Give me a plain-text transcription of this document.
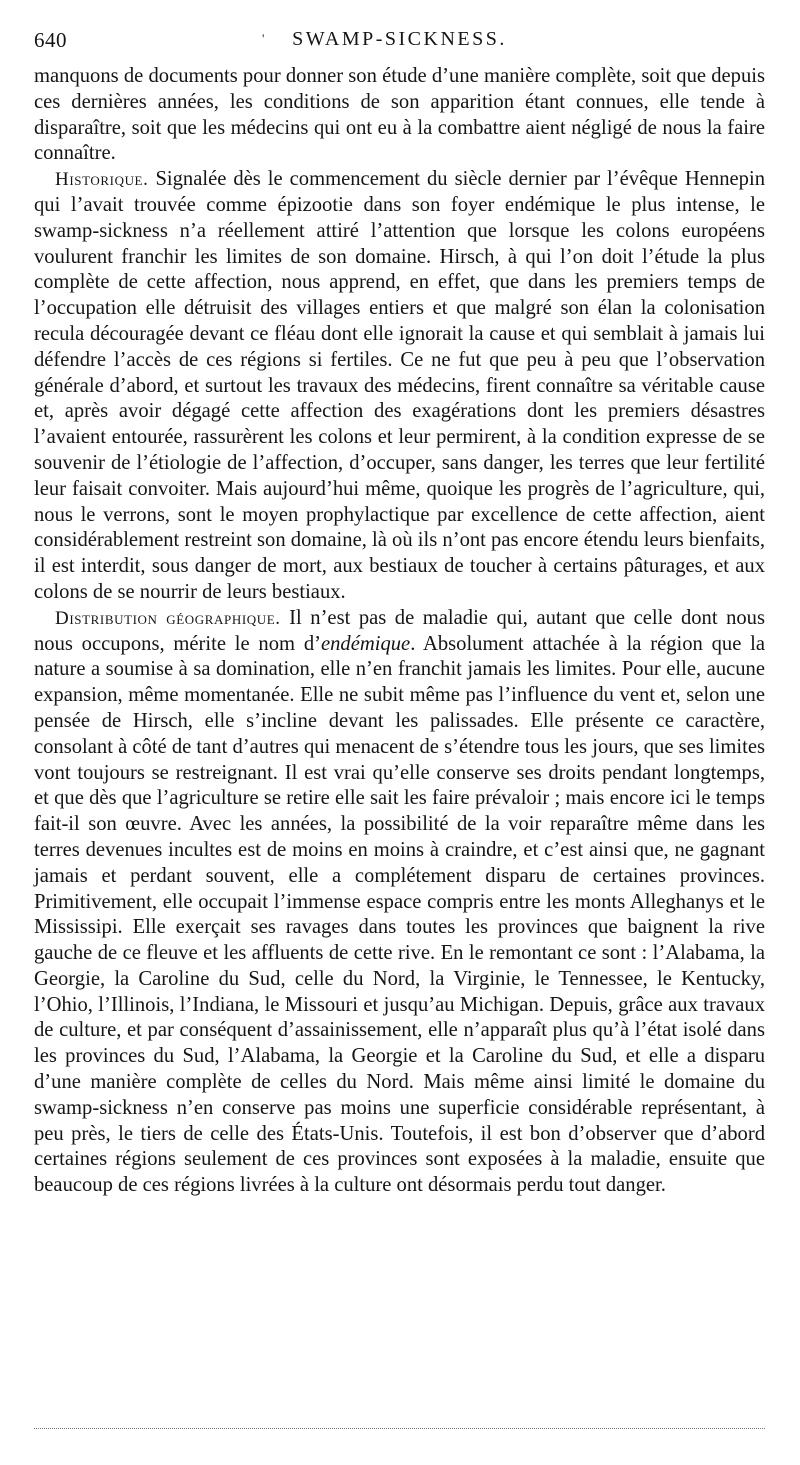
640	'	SWAMP-SICKNESS.

manquons de documents pour donner son étude d’une manière complète, soit que depuis ces dernières années, les conditions de son apparition étant connues, elle tende à disparaître, soit que les médecins qui ont eu à la combattre aient négligé de nous la faire connaître.

Historique. Signalée dès le commencement du siècle dernier par l’évêque Hennepin qui l’avait trouvée comme épizootie dans son foyer endémique le plus intense, le swamp-sickness n’a réellement attiré l’attention que lorsque les colons européens voulurent franchir les limites de son domaine. Hirsch, à qui l’on doit l’étude la plus complète de cette affection, nous apprend, en effet, que dans les premiers temps de l’occupation elle détruisit des villages entiers et que malgré son élan la colonisation recula découragée devant ce fléau dont elle ignorait la cause et qui semblait à jamais lui défendre l’accès de ces régions si fertiles. Ce ne fut que peu à peu que l’observation générale d’abord, et surtout les travaux des médecins, firent connaître sa véritable cause et, après avoir dégagé cette affection des exagérations dont les premiers désastres l’avaient entourée, rassurèrent les colons et leur permirent, à la condition expresse de se souvenir de l’étiologie de l’affection, d’occuper, sans danger, les terres que leur fertilité leur faisait convoiter. Mais aujourd’hui même, quoique les progrès de l’agriculture, qui, nous le verrons, sont le moyen prophylactique par excellence de cette affection, aient considérablement restreint son domaine, là où ils n’ont pas encore étendu leurs bienfaits, il est interdit, sous danger de mort, aux bestiaux de toucher à certains pâturages, et aux colons de se nourrir de leurs bestiaux.

Distribution géographique. Il n’est pas de maladie qui, autant que celle dont nous nous occupons, mérite le nom d’endémique. Absolument attachée à la région que la nature a soumise à sa domination, elle n’en franchit jamais les limites. Pour elle, aucune expansion, même momentanée. Elle ne subit même pas l’influence du vent et, selon une pensée de Hirsch, elle s’incline devant les palissades. Elle présente ce caractère, consolant à côté de tant d’autres qui menacent de s’étendre tous les jours, que ses limites vont toujours se restreignant. Il est vrai qu’elle conserve ses droits pendant longtemps, et que dès que l’agriculture se retire elle sait les faire prévaloir ; mais encore ici le temps fait-il son œuvre. Avec les années, la possibilité de la voir reparaître même dans les terres devenues incultes est de moins en moins à craindre, et c’est ainsi que, ne gagnant jamais et perdant souvent, elle a complétement disparu de certaines provinces. Primitivement, elle occupait l’immense espace compris entre les monts Alleghanys et le Mississipi. Elle exerçait ses ravages dans toutes les provinces que baignent la rive gauche de ce fleuve et les affluents de cette rive. En le remontant ce sont : l’Alabama, la Georgie, la Caroline du Sud, celle du Nord, la Virginie, le Tennessee, le Kentucky, l’Ohio, l’Illinois, l’Indiana, le Missouri et jusqu’au Michigan. Depuis, grâce aux travaux de culture, et par conséquent d’assainissement, elle n’apparaît plus qu’à l’état isolé dans les provinces du Sud, l’Alabama, la Georgie et la Caroline du Sud, et elle a disparu d’une manière complète de celles du Nord. Mais même ainsi limité le domaine du swamp-sickness n’en conserve pas moins une superficie considérable représentant, à peu près, le tiers de celle des États-Unis. Toutefois, il est bon d’observer que d’abord certaines régions seulement de ces provinces sont exposées à la maladie, ensuite que beaucoup de ces régions livrées à la culture ont désormais perdu tout danger.
